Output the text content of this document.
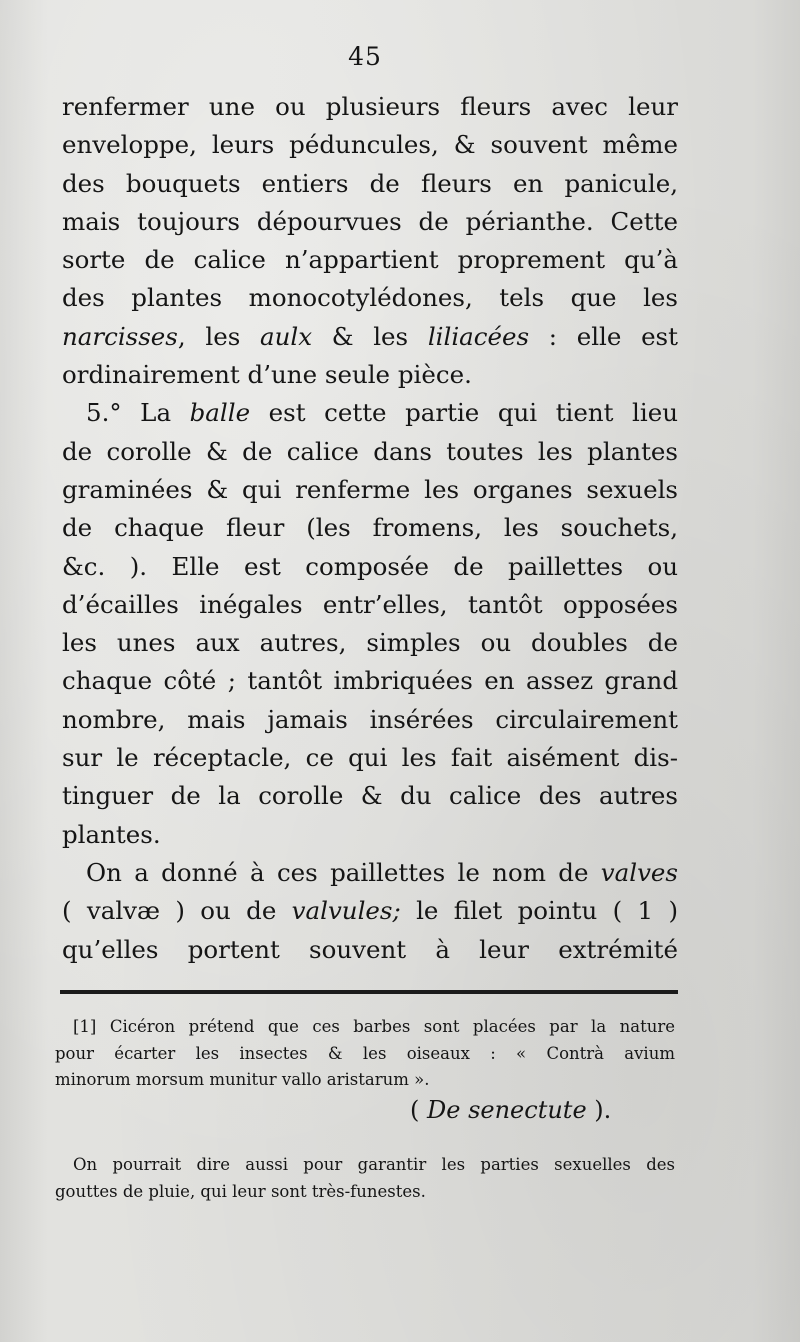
45
renfermer une ou plusieurs fleurs avec leur
enveloppe, leurs péduncules, & souvent même
des bouquets entiers de fleurs en panicule,
mais toujours dépourvues de périanthe. Cette
sorte de calice n’appartient proprement qu’à
des plantes monocotylédones, tels que les
narcisses, les aulx & les liliacées : elle est
ordinairement d’une seule pièce.
5.° La balle est cette partie qui tient lieu
de corolle & de calice dans toutes les plantes
graminées & qui renferme les organes sexuels
de chaque fleur (les fromens, les souchets,
&c. ). Elle est composée de paillettes ou
d’écailles inégales entr’elles, tantôt opposées
les unes aux autres, simples ou doubles de
chaque côté ; tantôt imbriquées en assez grand
nombre, mais jamais insérées circulairement
sur le réceptacle, ce qui les fait aisément dis-
tinguer de la corolle & du calice des autres
plantes.
On a donné à ces paillettes le nom de valves
( valvæ ) ou de valvules; le filet pointu ( 1 )
qu’elles portent souvent à leur extrémité
[1] Cicéron prétend que ces barbes sont placées par la nature
pour écarter les insectes & les oiseaux : « Contrà avium
minorum morsum munitur vallo aristarum ».
( De senectute ).
On pourrait dire aussi pour garantir les parties sexuelles des
gouttes de pluie, qui leur sont très-funestes.
